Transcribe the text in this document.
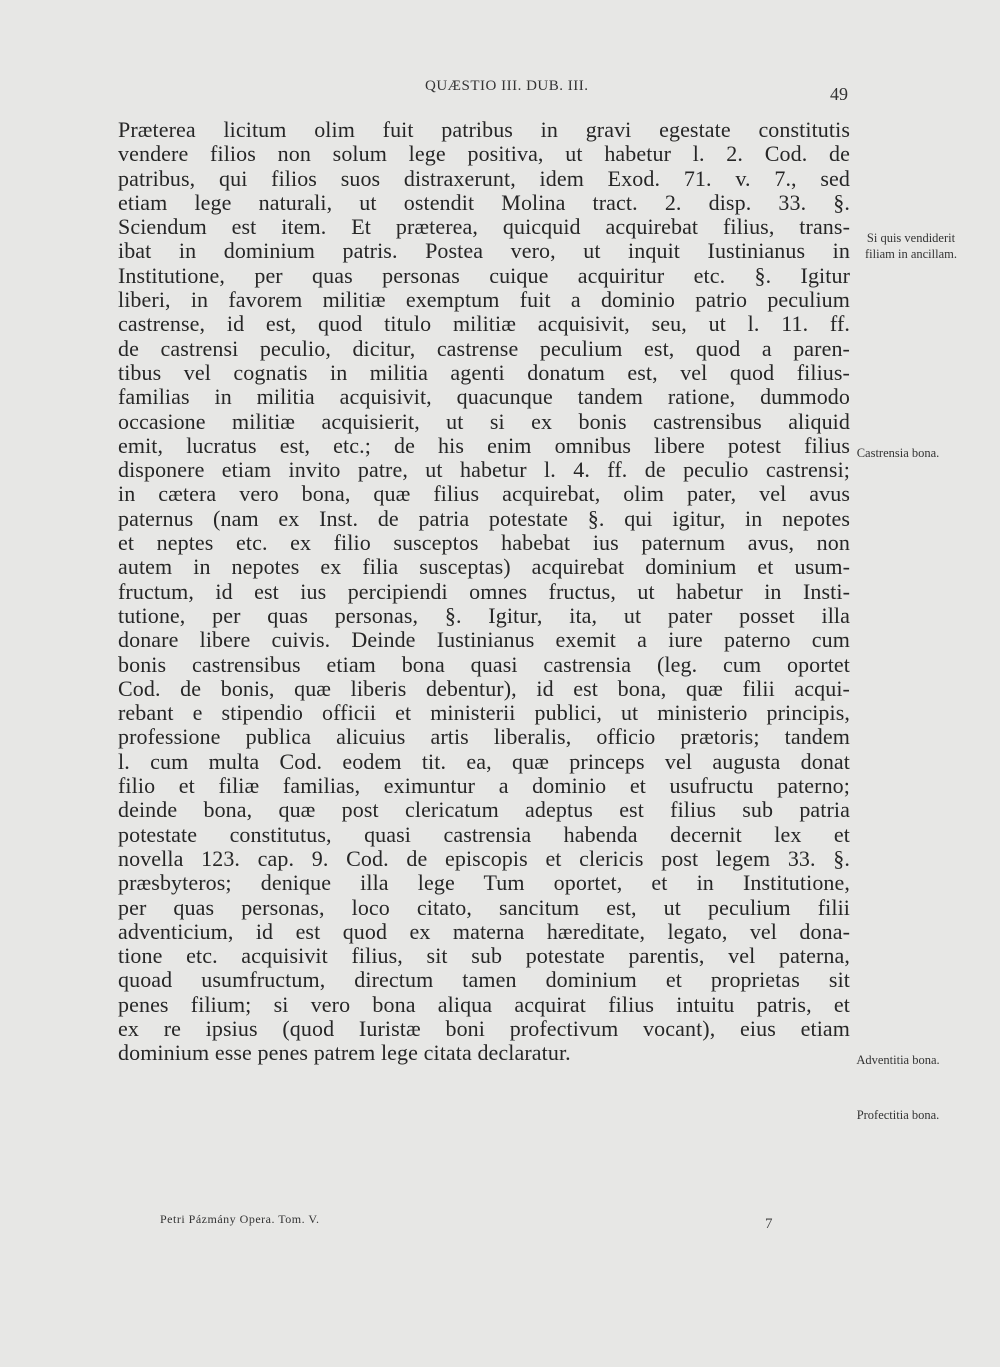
QUÆSTIO III. DUB. III.	49
Præterea licitum olim fuit patribus in gravi egestate constitutis
vendere filios non solum lege positiva, ut habetur l. 2. Cod. de
patribus, qui filios suos distraxerunt, idem Exod. 71. v. 7., sed
etiam lege naturali, ut ostendit Molina tract. 2. disp. 33. §.
Sciendum est item. Et præterea, quicquid acquirebat filius, trans-
ibat in dominium patris. Postea vero, ut inquit Iustinianus in
Institutione, per quas personas cuique acquiritur etc. §. Igitur
liberi, in favorem militiæ exemptum fuit a dominio patrio peculium
castrense, id est, quod titulo militiæ acquisivit, seu, ut l. 11. ff.
de castrensi peculio, dicitur, castrense peculium est, quod a paren-
tibus vel cognatis in militia agenti donatum est, vel quod filius-
familias in militia acquisivit, quacunque tandem ratione, dummodo
occasione militiæ acquisierit, ut si ex bonis castrensibus aliquid
emit, lucratus est, etc.; de his enim omnibus libere potest filius
disponere etiam invito patre, ut habetur l. 4. ff. de peculio castrensi;
in cætera vero bona, quæ filius acquirebat, olim pater, vel avus
paternus (nam ex Inst. de patria potestate §. qui igitur, in nepotes
et neptes etc. ex filio susceptos habebat ius paternum avus, non
autem in nepotes ex filia susceptas) acquirebat dominium et usum-
fructum, id est ius percipiendi omnes fructus, ut habetur in Insti-
tutione, per quas personas, §. Igitur, ita, ut pater posset illa
donare libere cuivis. Deinde Iustinianus exemit a iure paterno cum
bonis castrensibus etiam bona quasi castrensia (leg. cum oportet
Cod. de bonis, quæ liberis debentur), id est bona, quæ filii acqui-
rebant e stipendio officii et ministerii publici, ut ministerio principis,
professione publica alicuius artis liberalis, officio prætoris; tandem
l. cum multa Cod. eodem tit. ea, quæ princeps vel augusta donat
filio et filiæ familias, eximuntur a dominio et usufructu paterno;
deinde bona, quæ post clericatum adeptus est filius sub patria
potestate constitutus, quasi castrensia habenda decernit lex et
novella 123. cap. 9. Cod. de episcopis et clericis post legem 33. §.
præsbyteros; denique illa lege Tum oportet, et in Institutione,
per quas personas, loco citato, sancitum est, ut peculium filii
adventicium, id est quod ex materna hæreditate, legato, vel dona-
tione etc. acquisivit filius, sit sub potestate parentis, vel paterna,
quoad usumfructum, directum tamen dominium et proprietas sit
penes filium; si vero bona aliqua acquirat filius intuitu patris, et
ex re ipsius (quod Iuristæ boni profectivum vocant), eius etiam
dominium esse penes patrem lege citata declaratur.
Si quis vendiderit filiam in ancillam.
Castrensia bona.
Adventitia bona.
Profectitia bona.
Petri Pázmány Opera. Tom. V.	7
